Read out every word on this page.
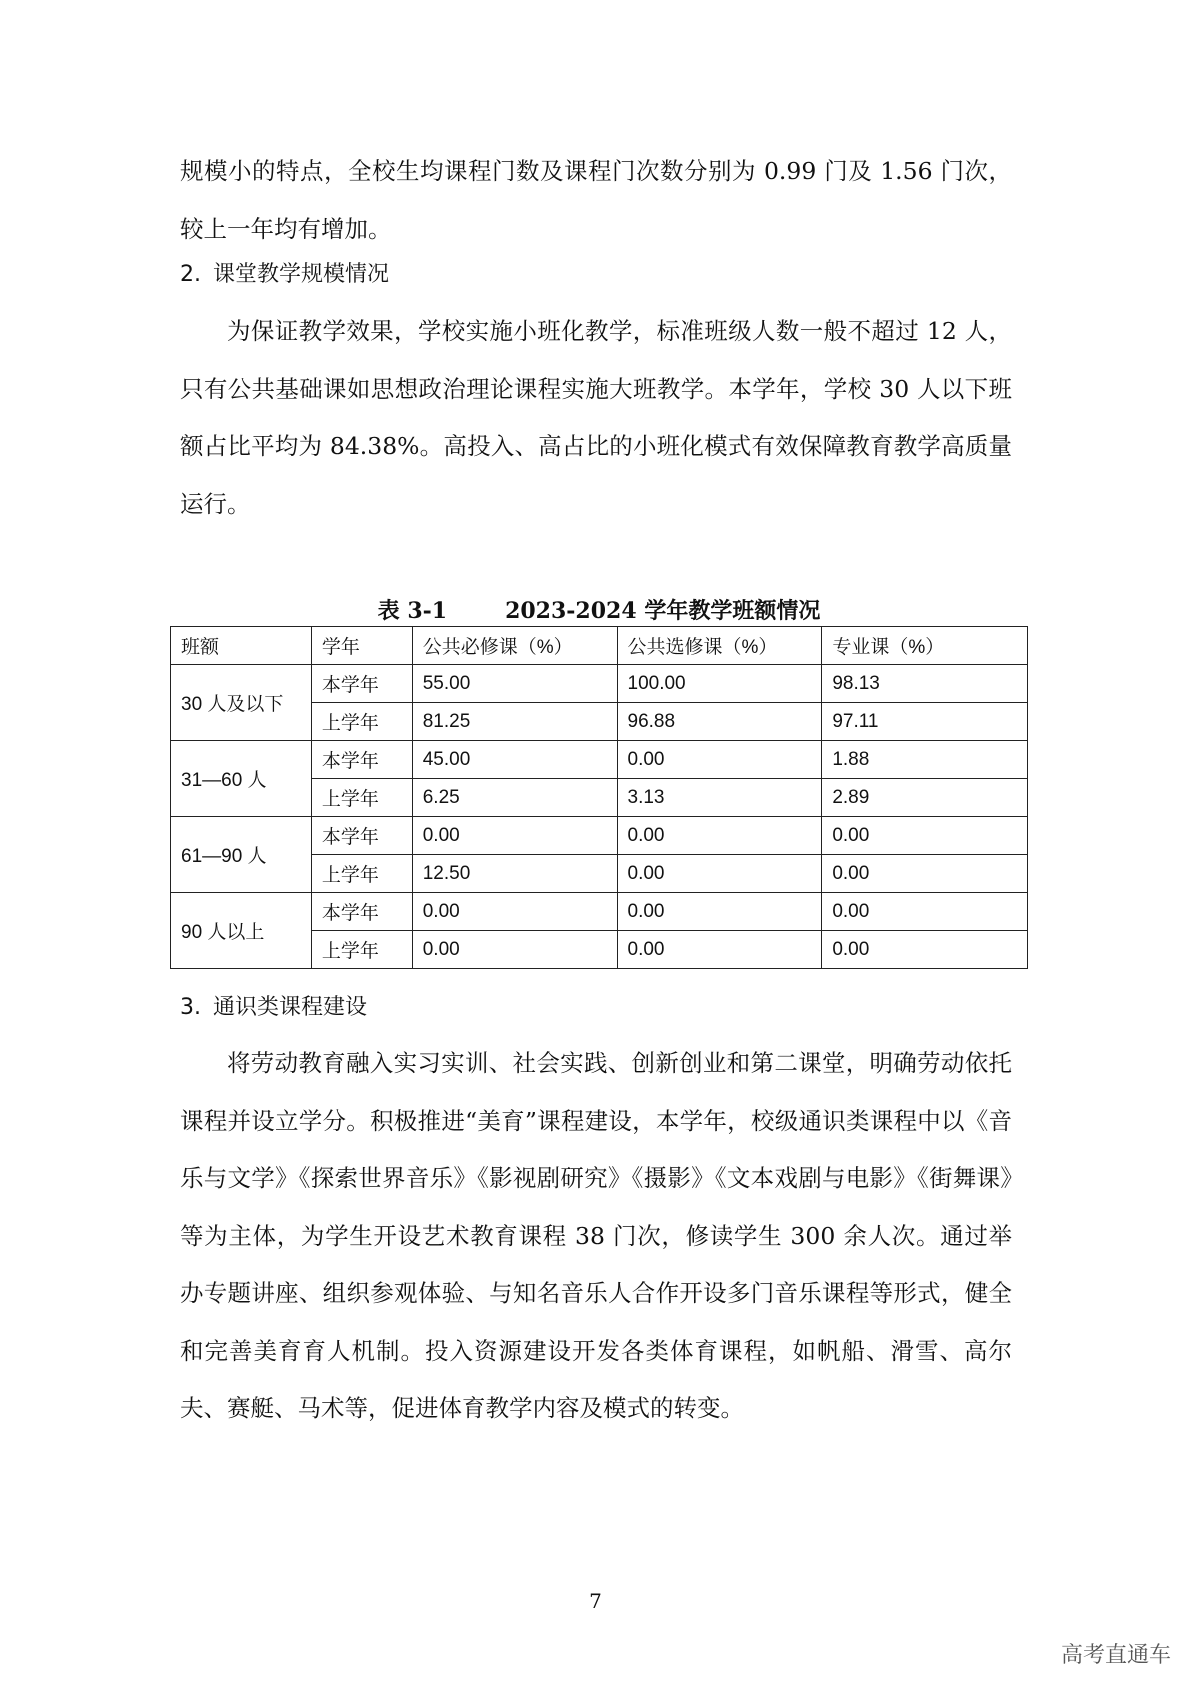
规模小的特点，全校生均课程门数及课程门次数分别为 0.99 门及 1.56 门次，较上一年均有增加。

2. 课堂教学规模情况

为保证教学效果，学校实施小班化教学，标准班级人数一般不超过 12 人，只有公共基础课如思想政治理论课程实施大班教学。本学年，学校 30 人以下班额占比平均为 84.38%。高投入、高占比的小班化模式有效保障教育教学高质量运行。

表 3-1	2023-2024 学年教学班额情况

班额	学年	公共必修课（%）	公共选修课（%）	专业课（%）
30 人及以下	本学年	55.00	100.00	98.13
	上学年	81.25	96.88	97.11
31—60 人	本学年	45.00	0.00	1.88
	上学年	6.25	3.13	2.89
61—90 人	本学年	0.00	0.00	0.00
	上学年	12.50	0.00	0.00
90 人以上	本学年	0.00	0.00	0.00
	上学年	0.00	0.00	0.00
3. 通识类课程建设

将劳动教育融入实习实训、社会实践、创新创业和第二课堂，明确劳动依托课程并设立学分。积极推进“美育”课程建设，本学年，校级通识类课程中以《音乐与文学》《探索世界音乐》《影视剧研究》《摄影》《文本戏剧与电影》《街舞课》等为主体，为学生开设艺术教育课程 38 门次，修读学生 300 余人次。通过举办专题讲座、组织参观体验、与知名音乐人合作开设多门音乐课程等形式，健全和完善美育育人机制。投入资源建设开发各类体育课程，如帆船、滑雪、高尔夫、赛艇、马术等，促进体育教学内容及模式的转变。

7

高考直通车
